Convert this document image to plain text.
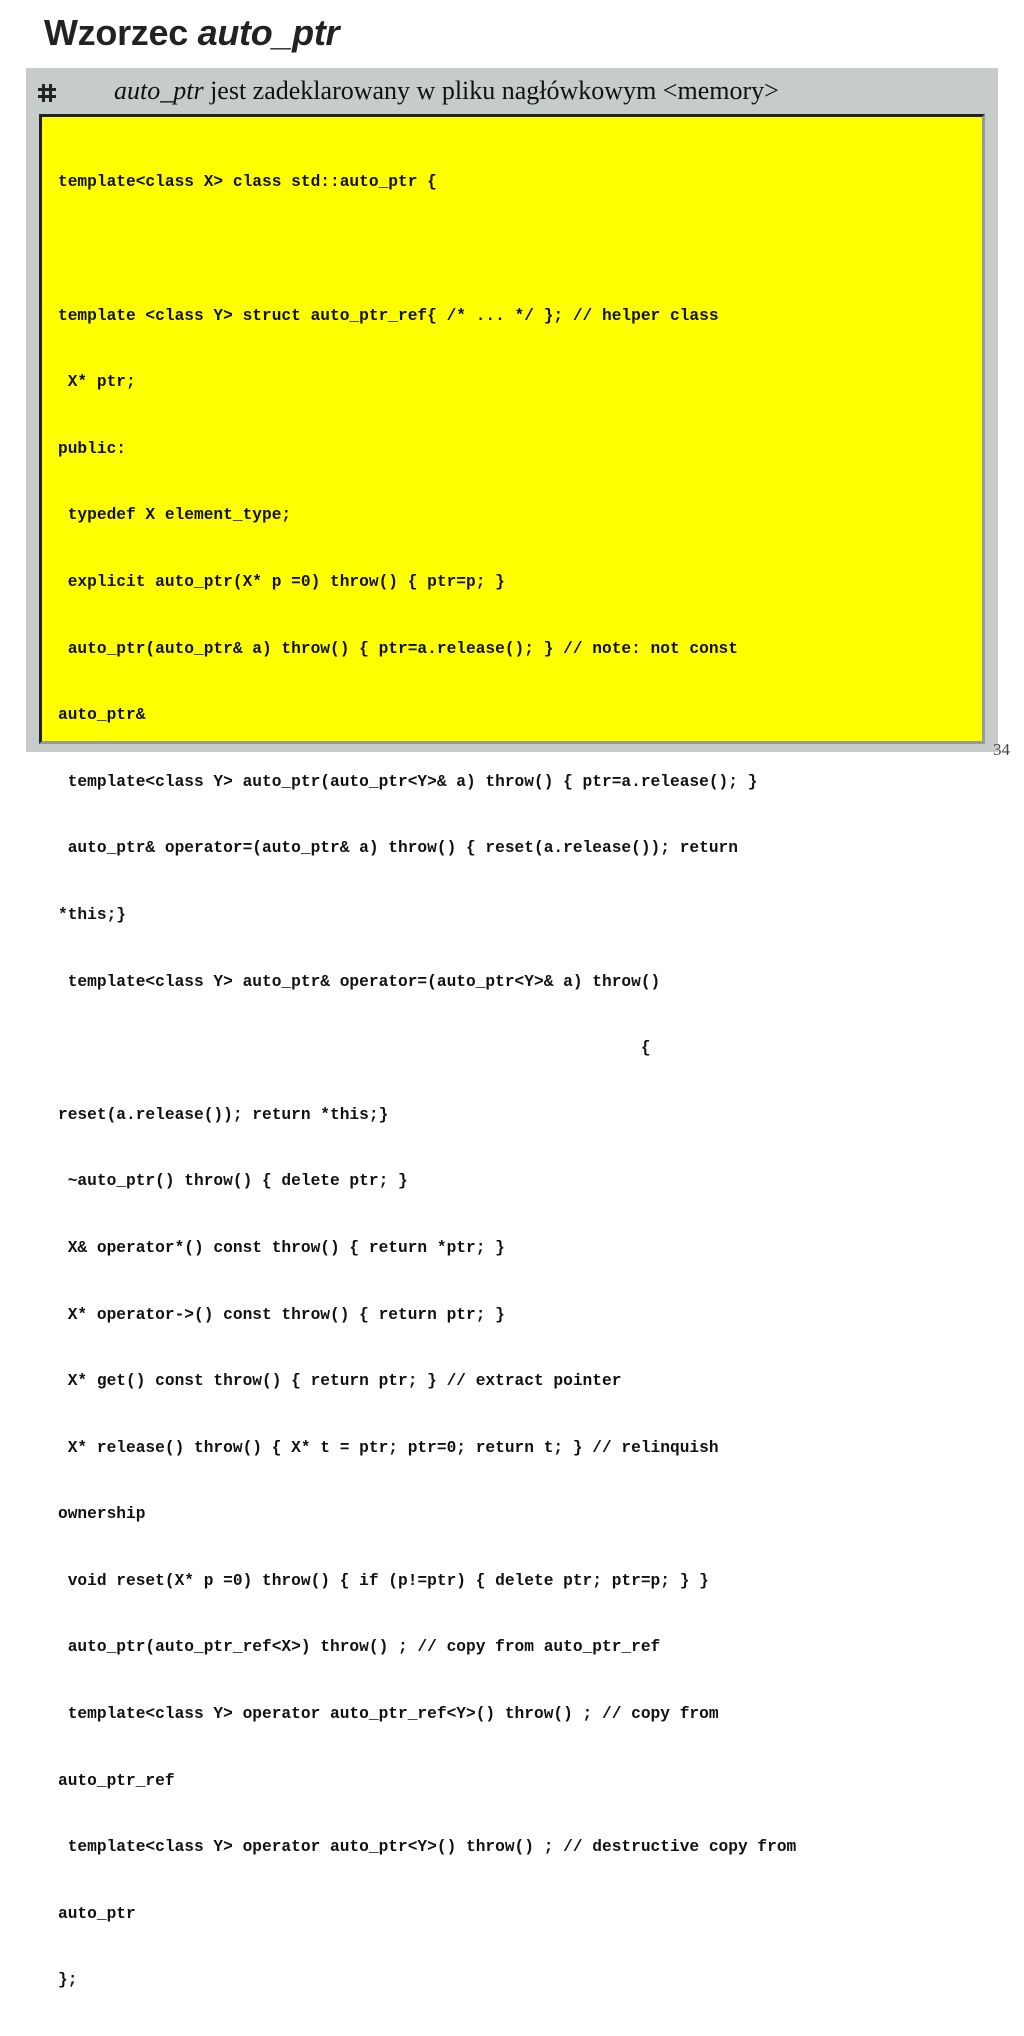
Wzorzec auto_ptr
auto_ptr jest zadeklarowany w pliku nagłówkowym <memory>

template<class X> class std::auto_ptr {

template <class Y> struct auto_ptr_ref{ /* ... */ }; // helper class

X* ptr;

public:

typedef X element_type;

explicit auto_ptr(X* p =0) throw() { ptr=p; }

auto_ptr(auto_ptr& a) throw() { ptr=a.release(); } // note: not const

auto_ptr&

template<class Y> auto_ptr(auto_ptr<Y>& a) throw() { ptr=a.release(); }

auto_ptr& operator=(auto_ptr& a) throw() { reset(a.release()); return

*this;}

template<class Y> auto_ptr& operator=(auto_ptr<Y>& a) throw()

{

reset(a.release()); return *this;}

~auto_ptr() throw() { delete ptr; }

X& operator*() const throw() { return *ptr; }

X* operator->() const throw() { return ptr; }

X* get() const throw() { return ptr; } // extract pointer

X* release() throw() { X* t = ptr; ptr=0; return t; } // relinquish

ownership

void reset(X* p =0) throw() { if (p!=ptr) { delete ptr; ptr=p; } }

auto_ptr(auto_ptr_ref<X>) throw() ; // copy from auto_ptr_ref

template<class Y> operator auto_ptr_ref<Y>() throw() ; // copy from

auto_ptr_ref

template<class Y> operator auto_ptr<Y>() throw() ; // destructive copy from

auto_ptr

};

34
